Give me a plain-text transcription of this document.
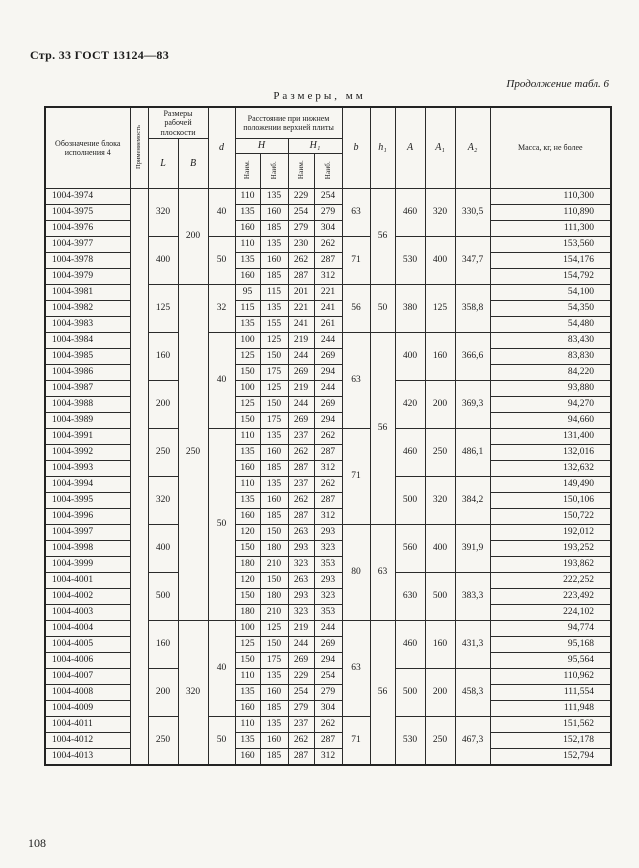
Стр. 33 ГОСТ 13124—83
Продолжение табл. 6
Размеры, мм
Обозначение блока исполнения 4	Применяемость	Размеры рабочей плоскости		d	Расстояние при нижнем положении верхней плиты				b	h₁	A	A₁	A₂	Масса, кг, не более
		L	B		H		H₁							
					Наим.	Наиб.	Наим.	Наиб.						
1004-3974		320	200	40	110	135	229	254	63	56	460	320	330,5	110,300
1004-3975					135	160	254	279						110,890
1004-3976					160	185	279	304						111,300
1004-3977		400		50	110	135	230	262	71		530	400	347,7	153,560
1004-3978					135	160	262	287						154,176
1004-3979					160	185	287	312						154,792
1004-3981		125	250	32	95	115	201	221	56	50	380	125	358,8	54,100
1004-3982					115	135	221	241						54,350
1004-3983					135	155	241	261						54,480
1004-3984		160		40	100	125	219	244	63	56	400	160	366,6	83,430
1004-3985					125	150	244	269						83,830
1004-3986					150	175	269	294						84,220
1004-3987		200			100	125	219	244			420	200	369,3	93,880
1004-3988					125	150	244	269						94,270
1004-3989					150	175	269	294						94,660
1004-3991		250		50	110	135	237	262	71		460	250	486,1	131,400
1004-3992					135	160	262	287						132,016
1004-3993					160	185	287	312						132,632
1004-3994		320			110	135	237	262			500	320	384,2	149,490
1004-3995					135	160	262	287						150,106
1004-3996					160	185	287	312						150,722
1004-3997		400			120	150	263	293	80	63	560	400	391,9	192,012
1004-3998					150	180	293	323						193,252
1004-3999					180	210	323	353						193,862
1004-4001		500			120	150	263	293			630	500	383,3	222,252
1004-4002					150	180	293	323						223,492
1004-4003					180	210	323	353						224,102
1004-4004		160	320	40	100	125	219	244	63	56	460	160	431,3	94,774
1004-4005					125	150	244	269						95,168
1004-4006					150	175	269	294						95,564
1004-4007		200			110	135	229	254			500	200	458,3	110,962
1004-4008					135	160	254	279						111,554
1004-4009					160	185	279	304						111,948
1004-4011		250		50	110	135	237	262	71		530	250	467,3	151,562
1004-4012					135	160	262	287						152,178
1004-4013					160	185	287	312						152,794
108
